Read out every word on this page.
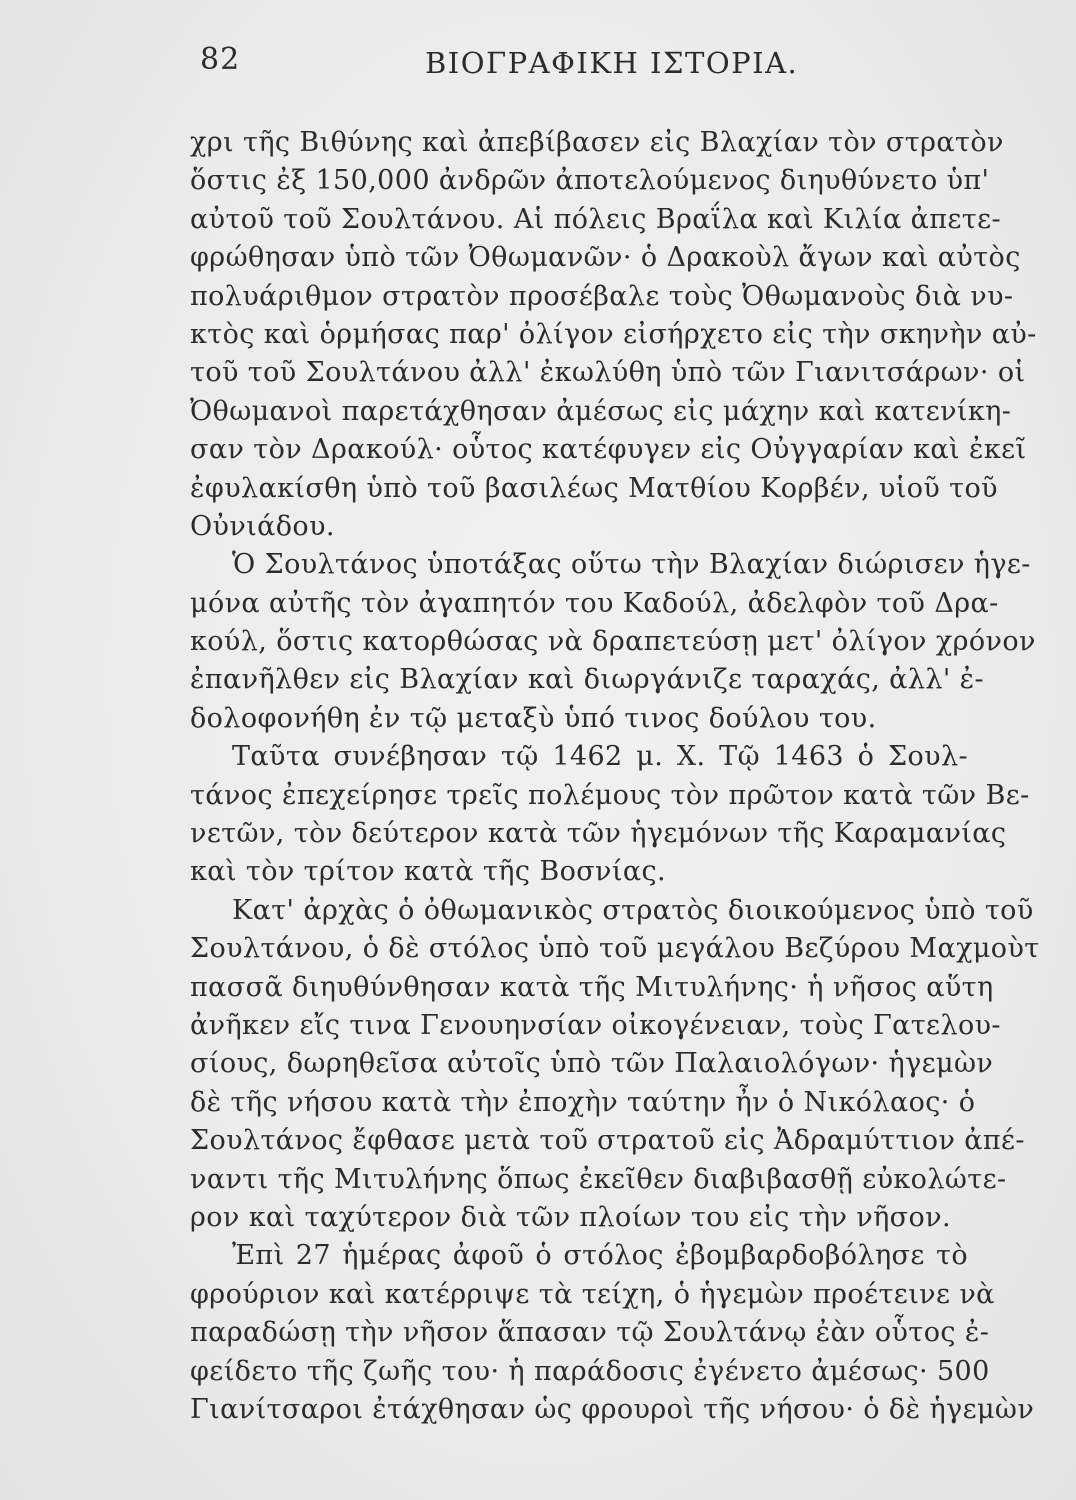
82	ΒΙΟΓΡΑΦΙΚΗ ΙΣΤΟΡΙΑ.
χρι τῆς Βιθύνης καὶ ἀπεβίβασεν εἰς Βλαχίαν τὸν στρατὸν
ὅστις ἐξ 150,000 ἀνδρῶν ἀποτελούμενος διηυθύνετο ὑπ'
αὐτοῦ τοῦ Σουλτάνου. Αἱ πόλεις Βραΐλα καὶ Κιλία ἀπετε-
φρώθησαν ὑπὸ τῶν Ὀθωμανῶν· ὁ Δρακοὺλ ἄγων καὶ αὐτὸς
πολυάριθμον στρατὸν προσέβαλε τοὺς Ὀθωμανοὺς διὰ νυ-
κτὸς καὶ ὁρμήσας παρ' ὀλίγον εἰσήρχετο εἰς τὴν σκηνὴν αὐ-
τοῦ τοῦ Σουλτάνου ἀλλ' ἐκωλύθη ὑπὸ τῶν Γιανιτσάρων· οἱ
Ὀθωμανοὶ παρετάχθησαν ἀμέσως εἰς μάχην καὶ κατενίκη-
σαν τὸν Δρακούλ· οὗτος κατέφυγεν εἰς Οὐγγαρίαν καὶ ἐκεῖ
ἐφυλακίσθη ὑπὸ τοῦ βασιλέως Ματθίου Κορβέν, υἱοῦ τοῦ
Οὐνιάδου.
Ὁ Σουλτάνος ὑποτάξας οὕτω τὴν Βλαχίαν διώρισεν ἡγε-
μόνα αὐτῆς τὸν ἀγαπητόν του Καδούλ, ἀδελφὸν τοῦ Δρα-
κούλ, ὅστις κατορθώσας νὰ δραπετεύσῃ μετ' ὀλίγον χρόνον
ἐπανῆλθεν εἰς Βλαχίαν καὶ διωργάνιζε ταραχάς, ἀλλ' ἐ-
δολοφονήθη ἐν τῷ μεταξὺ ὑπό τινος δούλου του.
Ταῦτα συνέβησαν τῷ 1462 μ. Χ. Τῷ 1463 ὁ Σουλ-
τάνος ἐπεχείρησε τρεῖς πολέμους τὸν πρῶτον κατὰ τῶν Βε-
νετῶν, τὸν δεύτερον κατὰ τῶν ἡγεμόνων τῆς Καραμανίας
καὶ τὸν τρίτον κατὰ τῆς Βοσνίας.
Κατ' ἀρχὰς ὁ ὀθωμανικὸς στρατὸς διοικούμενος ὑπὸ τοῦ
Σουλτάνου, ὁ δὲ στόλος ὑπὸ τοῦ μεγάλου Βεζύρου Μαχμοὺτ
πασσᾶ διηυθύνθησαν κατὰ τῆς Μιτυλήνης· ἡ νῆσος αὕτη
ἀνῆκεν εἴς τινα Γενουηνσίαν οἰκογένειαν, τοὺς Γατελου-
σίους, δωρηθεῖσα αὐτοῖς ὑπὸ τῶν Παλαιολόγων· ἡγεμὼν
δὲ τῆς νήσου κατὰ τὴν ἐποχὴν ταύτην ἦν ὁ Νικόλαος· ὁ
Σουλτάνος ἔφθασε μετὰ τοῦ στρατοῦ εἰς Ἀδραμύττιον ἀπέ-
ναντι τῆς Μιτυλήνης ὅπως ἐκεῖθεν διαβιβασθῇ εὐκολώτε-
ρον καὶ ταχύτερον διὰ τῶν πλοίων του εἰς τὴν νῆσον.
Ἐπὶ 27 ἡμέρας ἀφοῦ ὁ στόλος ἐβομβαρδοβόλησε τὸ
φρούριον καὶ κατέρριψε τὰ τείχη, ὁ ἡγεμὼν προέτεινε νὰ
παραδώσῃ τὴν νῆσον ἅπασαν τῷ Σουλτάνῳ ἐὰν οὗτος ἐ-
φείδετο τῆς ζωῆς του· ἡ παράδοσις ἐγένετο ἀμέσως· 500
Γιανίτσαροι ἐτάχθησαν ὡς φρουροὶ τῆς νήσου· ὁ δὲ ἡγεμὼν
